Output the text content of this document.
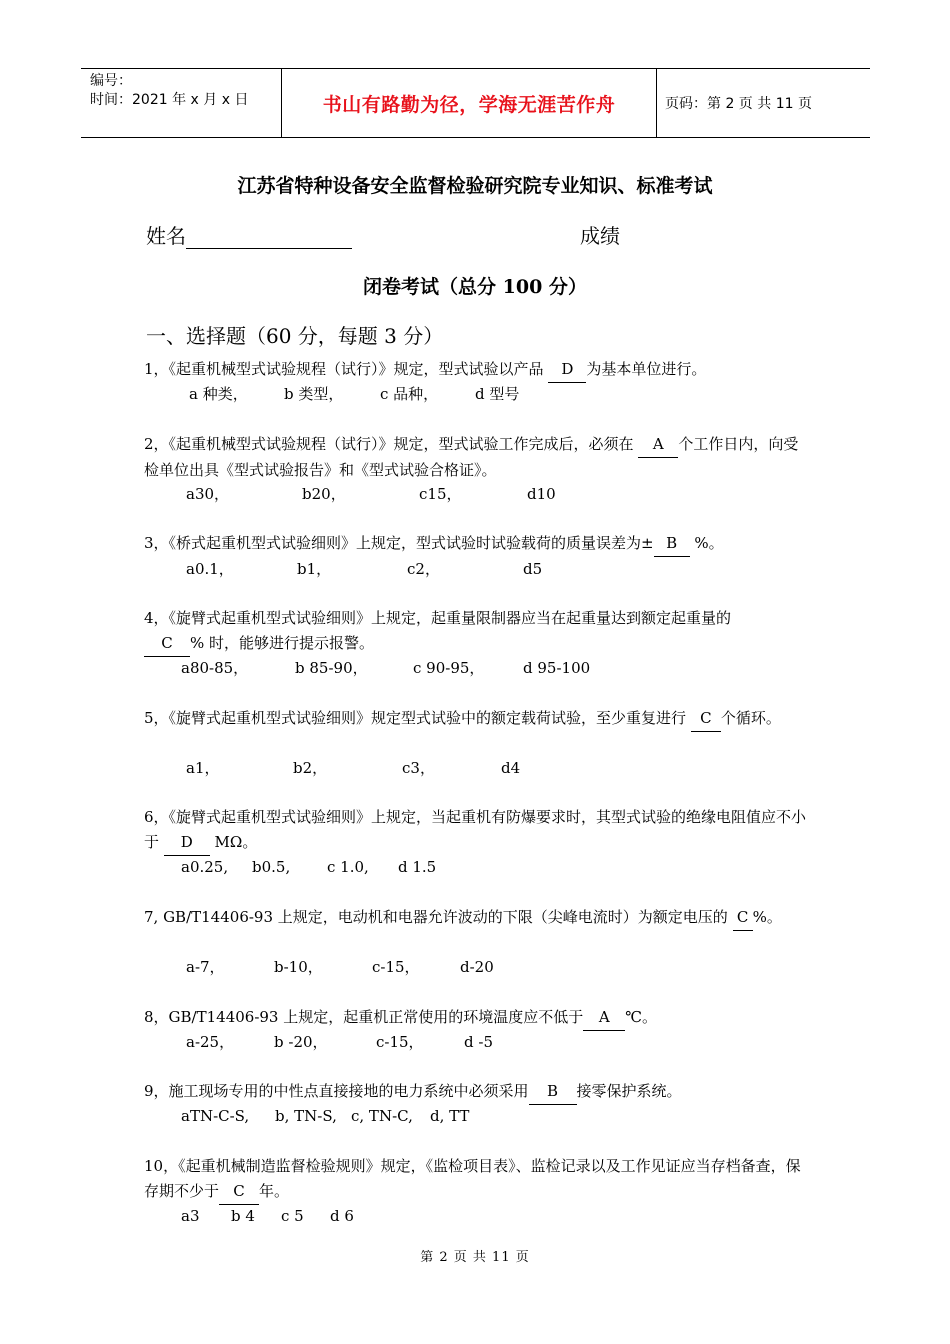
编号：
时间：2021 年 x 月 x 日	书山有路勤为径，学海无涯苦作舟	页码：第 2 页 共 11 页
江苏省特种设备安全监督检验研究院专业知识、标准考试
姓名	成绩
闭卷考试（总分 100 分）
一、选择题（60 分，每题 3 分）
1，《起重机械型式试验规程（试行）》规定，型式试验以产品 D 为基本单位进行。
a 种类， b 类型， c 品种， d 型号
2，《起重机械型式试验规程（试行）》规定，型式试验工作完成后，必须在 A 个工作日内，向受检单位出具《型式试验报告》和《型式试验合格证》。
a30，	b20，	c15，	d10
3，《桥式起重机型式试验细则》上规定，型式试验时试验载荷的质量误差为± B %。
a0.1，	b1，	c2，	d5
4，《旋臂式起重机型式试验细则》上规定，起重量限制器应当在起重量达到额定起重量的 C % 时，能够进行提示报警。
a80-85，	b 85-90，	c 90-95，	d 95-100
5，《旋臂式起重机型式试验细则》规定型式试验中的额定载荷试验，至少重复进行 C 个循环。
a1，	b2，	c3，	d4
6，《旋臂式起重机型式试验细则》上规定，当起重机有防爆要求时，其型式试验的绝缘电阻值应不小于 D MΩ。
a0.25, b0.5, c 1.0, d 1.5
7, GB/T14406-93 上规定，电动机和电器允许波动的下限（尖峰电流时）为额定电压的 C %。
a-7，	b-10，	c-15，	d-20
8，GB/T14406-93 上规定，起重机正常使用的环境温度应不低于 A ℃。
a-25，	b -20，	c-15，	d -5
9，施工现场专用的中性点直接接地的电力系统中必须采用 B 接零保护系统。
aTN-C-S, b, TN-S, c, TN-C, d, TT
10，《起重机械制造监督检验规则》规定，《监检项目表》、监检记录以及工作见证应当存档备查，保存期不少于 C 年。
a3 b 4 c 5 d 6
第 2 页 共 11 页
